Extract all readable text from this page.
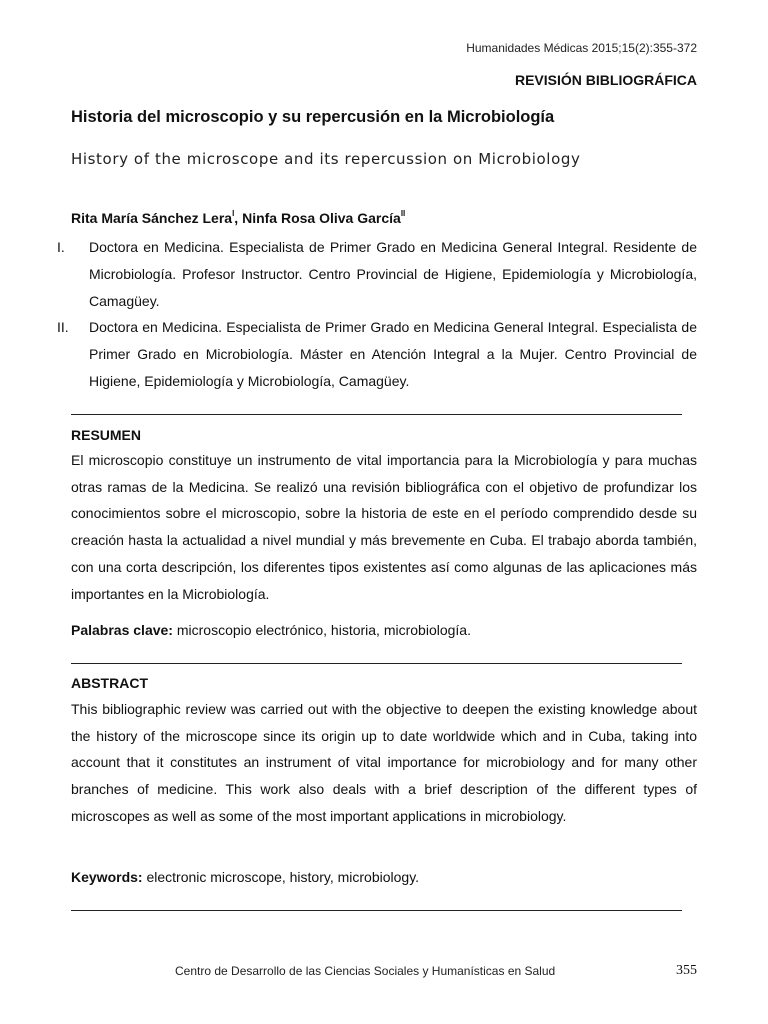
Humanidades Médicas 2015;15(2):355-372
REVISIÓN BIBLIOGRÁFICA
Historia del microscopio y su repercusión en la Microbiología
History of the microscope and its repercussion on Microbiology
Rita María Sánchez Lera$^I$, Ninfa Rosa Oliva García$^{II}$
I.	Doctora en Medicina. Especialista de Primer Grado en Medicina General Integral. Residente de Microbiología. Profesor Instructor. Centro Provincial de Higiene, Epidemiología y Microbiología, Camagüey.
II.	Doctora en Medicina. Especialista de Primer Grado en Medicina General Integral. Especialista de Primer Grado en Microbiología. Máster en Atención Integral a la Mujer. Centro Provincial de Higiene, Epidemiología y Microbiología, Camagüey.
RESUMEN
El microscopio constituye un instrumento de vital importancia para la Microbiología y para muchas otras ramas de la Medicina. Se realizó una revisión bibliográfica con el objetivo de profundizar los conocimientos sobre el microscopio, sobre la historia de este en el período comprendido desde su creación hasta la actualidad a nivel mundial y más brevemente en Cuba. El trabajo aborda también, con una corta descripción, los diferentes tipos existentes así como algunas de las aplicaciones más importantes en la Microbiología.
Palabras clave: microscopio electrónico, historia, microbiología.
ABSTRACT
This bibliographic review was carried out with the objective to deepen the existing knowledge about the history of the microscope since its origin up to date worldwide which and in Cuba, taking into account that it constitutes an instrument of vital importance for microbiology and for many other branches of medicine. This work also deals with a brief description of the different types of microscopes as well as some of the most important applications in microbiology.
Keywords: electronic microscope, history, microbiology.
Centro de Desarrollo de las Ciencias Sociales y Humanísticas en Salud	355
